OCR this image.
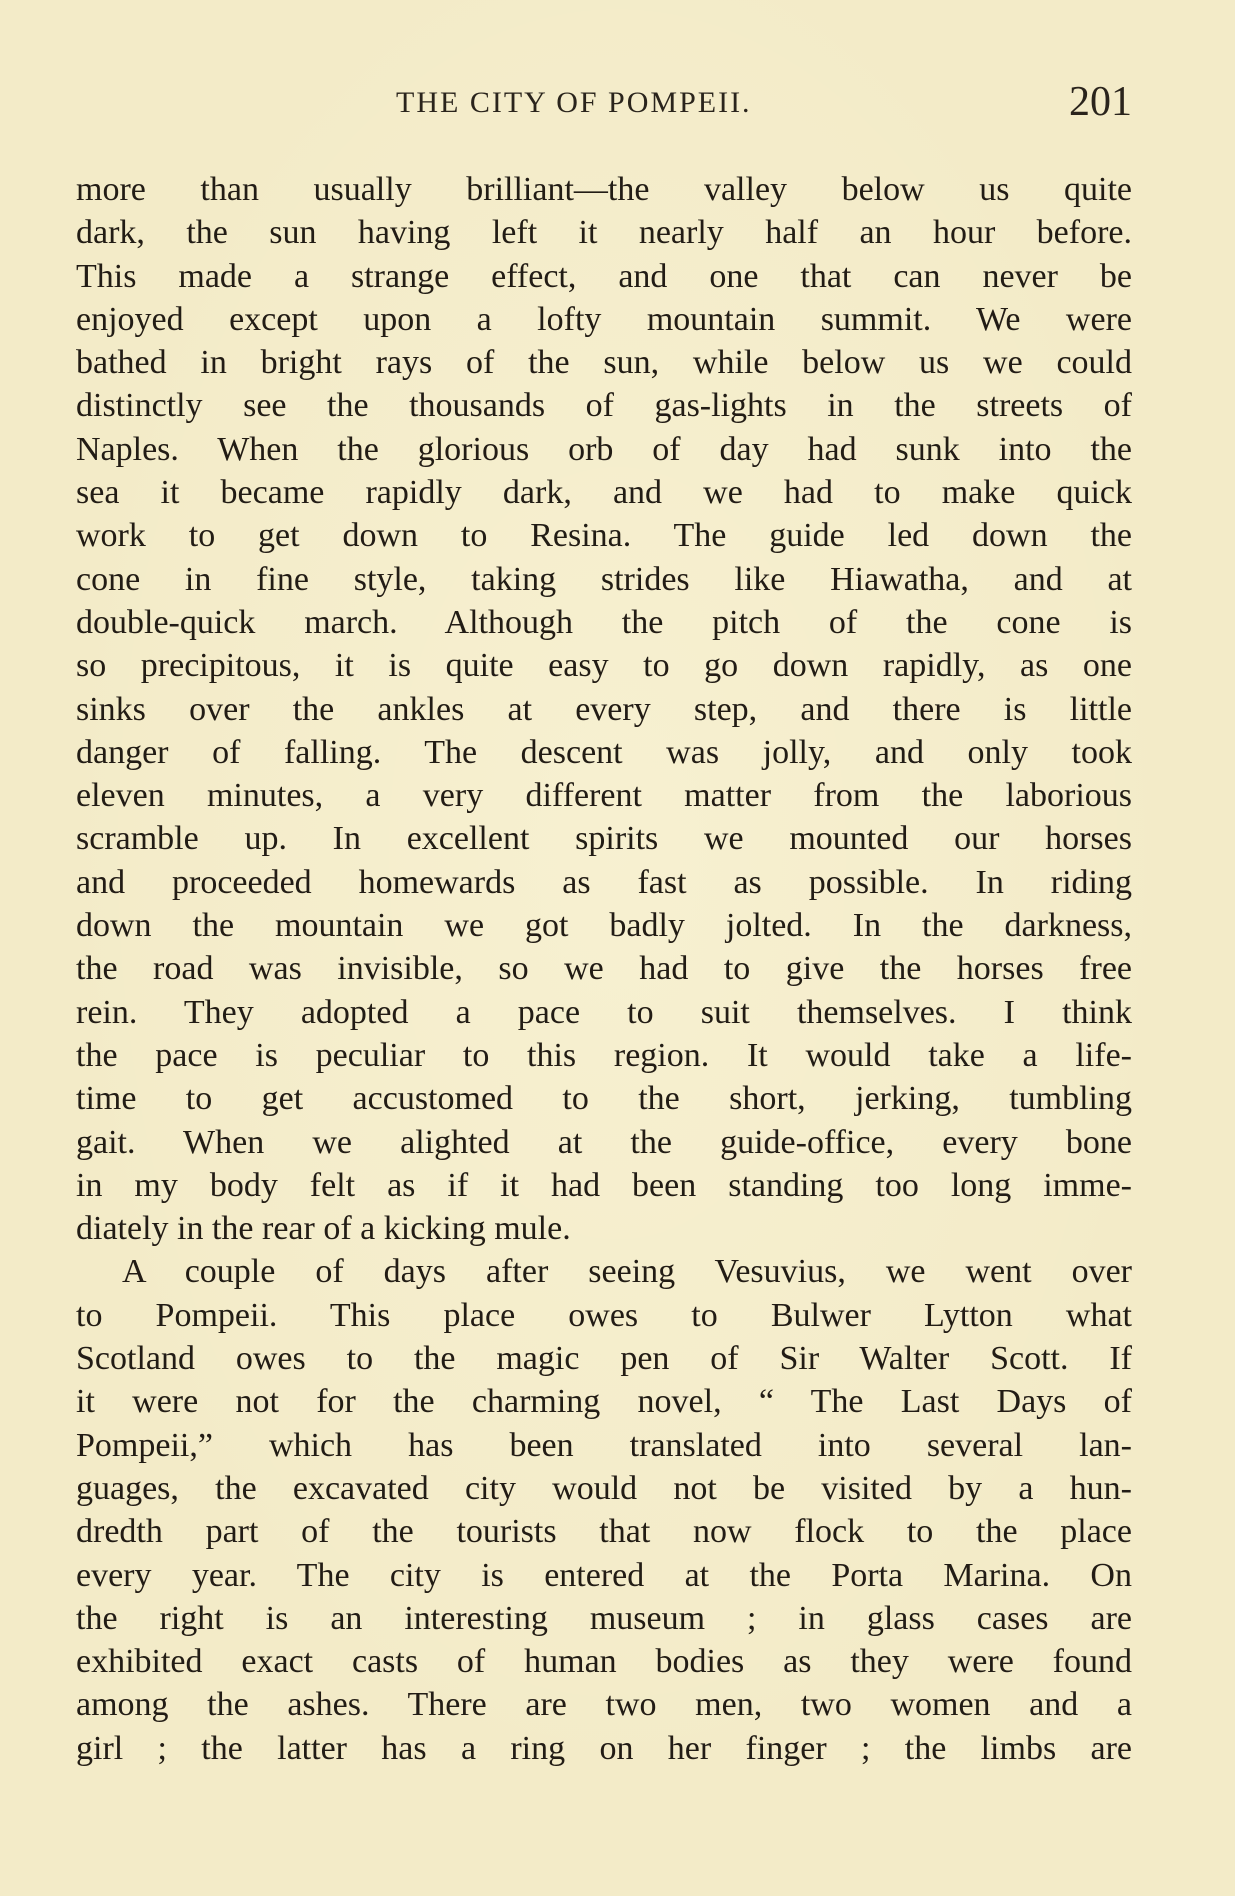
THE CITY OF POMPEII.	201
more than usually brilliant—the valley below us quite
dark, the sun having left it nearly half an hour before.
This made a strange effect, and one that can never be
enjoyed except upon a lofty mountain summit. We were
bathed in bright rays of the sun, while below us we could
distinctly see the thousands of gas-lights in the streets of
Naples. When the glorious orb of day had sunk into the
sea it became rapidly dark, and we had to make quick
work to get down to Resina. The guide led down the
cone in fine style, taking strides like Hiawatha, and at
double-quick march. Although the pitch of the cone is
so precipitous, it is quite easy to go down rapidly, as one
sinks over the ankles at every step, and there is little
danger of falling. The descent was jolly, and only took
eleven minutes, a very different matter from the laborious
scramble up. In excellent spirits we mounted our horses
and proceeded homewards as fast as possible. In riding
down the mountain we got badly jolted. In the darkness,
the road was invisible, so we had to give the horses free
rein. They adopted a pace to suit themselves. I think
the pace is peculiar to this region. It would take a life-
time to get accustomed to the short, jerking, tumbling
gait. When we alighted at the guide-office, every bone
in my body felt as if it had been standing too long imme-
diately in the rear of a kicking mule.
A couple of days after seeing Vesuvius, we went over
to Pompeii. This place owes to Bulwer Lytton what
Scotland owes to the magic pen of Sir Walter Scott. If
it were not for the charming novel, “ The Last Days of
Pompeii,” which has been translated into several lan-
guages, the excavated city would not be visited by a hun-
dredth part of the tourists that now flock to the place
every year. The city is entered at the Porta Marina. On
the right is an interesting museum ; in glass cases are
exhibited exact casts of human bodies as they were found
among the ashes. There are two men, two women and a
girl ; the latter has a ring on her finger ; the limbs are
